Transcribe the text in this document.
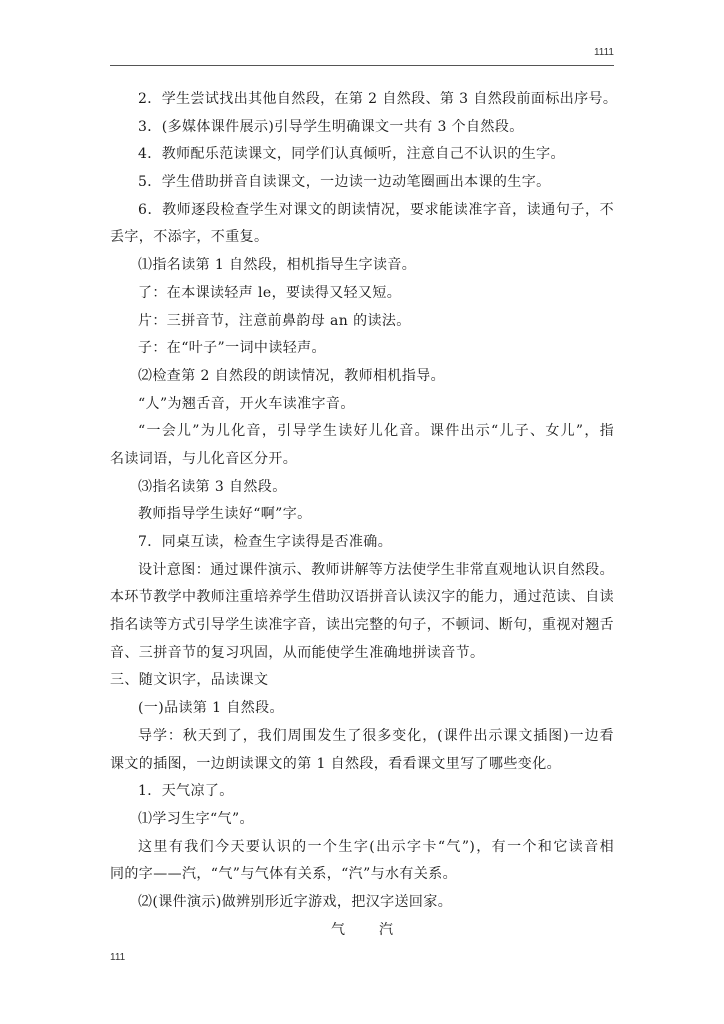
1111
2．学生尝试找出其他自然段，在第 2 自然段、第 3 自然段前面标出序号。
3．(多媒体课件展示)引导学生明确课文一共有 3 个自然段。
4．教师配乐范读课文，同学们认真倾听，注意自己不认识的生字。
5．学生借助拼音自读课文，一边读一边动笔圈画出本课的生字。
6．教师逐段检查学生对课文的朗读情况，要求能读准字音，读通句子，不
丢字，不添字，不重复。
⑴指名读第 1 自然段，相机指导生字读音。
了：在本课读轻声 le，要读得又轻又短。
片：三拼音节，注意前鼻韵母 an 的读法。
子：在“叶子”一词中读轻声。
⑵检查第 2 自然段的朗读情况，教师相机指导。
“人”为翘舌音，开火车读准字音。
“一会儿”为儿化音，引导学生读好儿化音。课件出示“儿子、女儿”，指
名读词语，与儿化音区分开。
⑶指名读第 3 自然段。
教师指导学生读好“啊”字。
7．同桌互读，检查生字读得是否准确。
设计意图：通过课件演示、教师讲解等方法使学生非常直观地认识自然段。
本环节教学中教师注重培养学生借助汉语拼音认读汉字的能力，通过范读、自读
指名读等方式引导学生读准字音，读出完整的句子，不顿词、断句，重视对翘舌
音、三拼音节的复习巩固，从而能使学生准确地拼读音节。
三、随文识字，品读课文
(一)品读第 1 自然段。
导学：秋天到了，我们周围发生了很多变化，(课件出示课文插图)一边看
课文的插图，一边朗读课文的第 1 自然段，看看课文里写了哪些变化。
1．天气凉了。
⑴学习生字“气”。
这里有我们今天要认识的一个生字(出示字卡“气”)，有一个和它读音相
同的字——汽，“气”与气体有关系，“汽”与水有关系。
⑵(课件演示)做辨别形近字游戏，把汉字送回家。
气 汽
111
